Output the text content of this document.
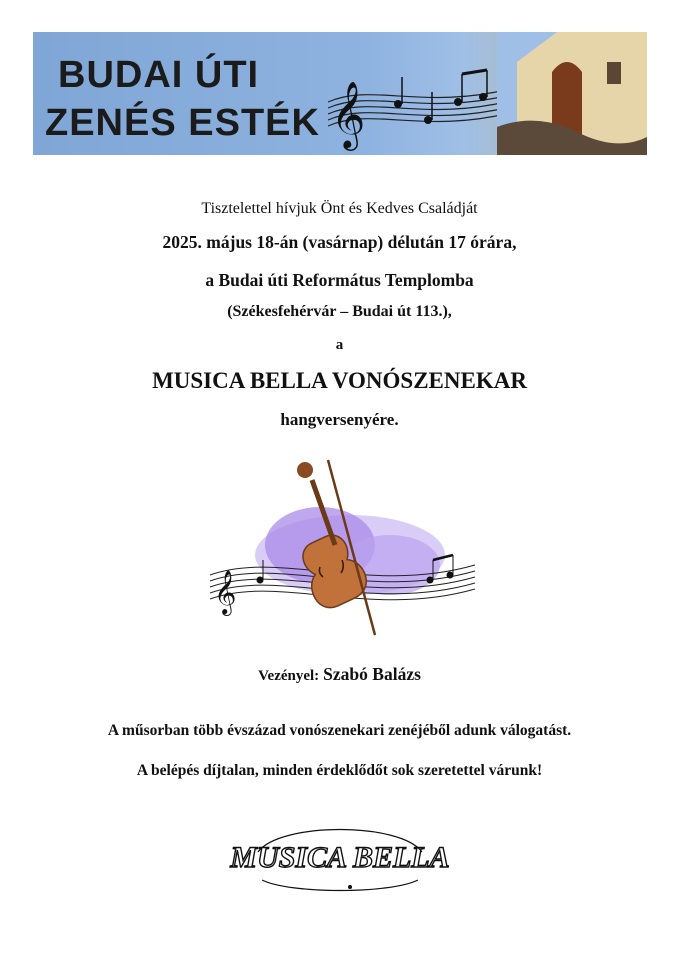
BUDAI ÚTI
ZENÉS ESTÉK 𝄞
Tisztelettel hívjuk Önt és Kedves Családját
2025. május 18-án (vasárnap) délután 17 órára,
a Budai úti Református Templomba
(Székesfehérvár – Budai út 113.),
a
MUSICA BELLA VONÓSZENEKAR
hangversenyére.
𝄞
Vezényel: Szabó Balázs
A műsorban több évszázad vonószenekari zenéjéből adunk válogatást.
A belépés díjtalan, minden érdeklődőt sok szeretettel várunk!
MUSICA BELLA
